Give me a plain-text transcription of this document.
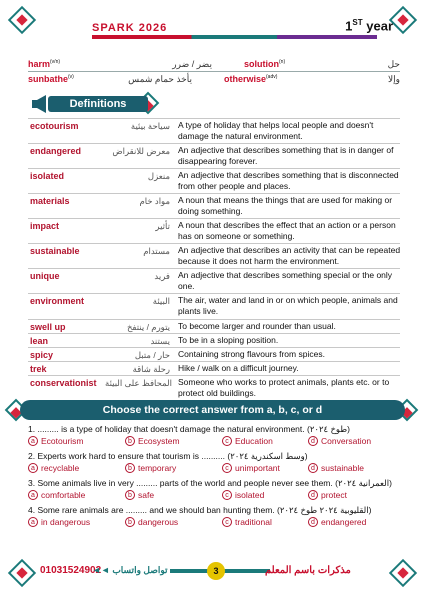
SPARK 2026	1ST year
harm$^{(v/n)}$	يضر / ضرر	solution$^{(n)}$	حل
sunbathe$^{(v)}$	يأخذ حمام شمس	otherwise$^{(adv)}$	وإلا
Definitions
ecotourism	سياحة بيئية A type of holiday that helps local people and doesn't damage the natural environment.
endangered	معرض للانقراض An adjective that describes something that is in danger of disappearing forever.
isolated	منعزل An adjective that describes something that is disconnected from other people and places.
materials	مواد خام A noun that means the things that are used for making or doing something.
impact	تأثير A noun that describes the effect that an action or a person has on someone or something.
sustainable	مستدام An adjective that describes an activity that can be repeated because it does not harm the environment.
unique	فريد An adjective that describes something special or the only one.
environment	البيئة The air, water and land in or on which people, animals and plants live.
swell up	يتورم / ينتفخ To become larger and rounder than usual.
lean	يستند To be in a sloping position.
spicy	حار / متبل Containing strong flavours from spices.
trek	رحلة شاقة Hike / walk on a difficult journey.
conservationist المحافظ على البيئة Someone who works to protect animals, plants etc. or to protect old buildings.
Choose the correct answer from a, b, c, or d
1. ......... is a type of holiday that doesn't damage the natural environment. (طوخ ٢٠٢٤)
a Ecotourism	b Ecosystem	c Education	d Conversation
2. Experts work hard to ensure that tourism is .......... (وسط اسكندرية ٢٠٢٤)
a recyclable	b temporary	c unimportant	d sustainable
3. Some animals live in very ......... parts of the world and people never see them. (العمرانية ٢٠٢٤)
a comfortable	b safe	c isolated	d protect
4. Some rare animals are ......... and we should ban hunting them. (القليوبية ٢٠٢٤ طوخ ٢٠٢٤)
a in dangerous	b dangerous	c traditional	d endangered
01031524902
تواصل واتساب ◄◄	3	مذكرات باسم المعلم
